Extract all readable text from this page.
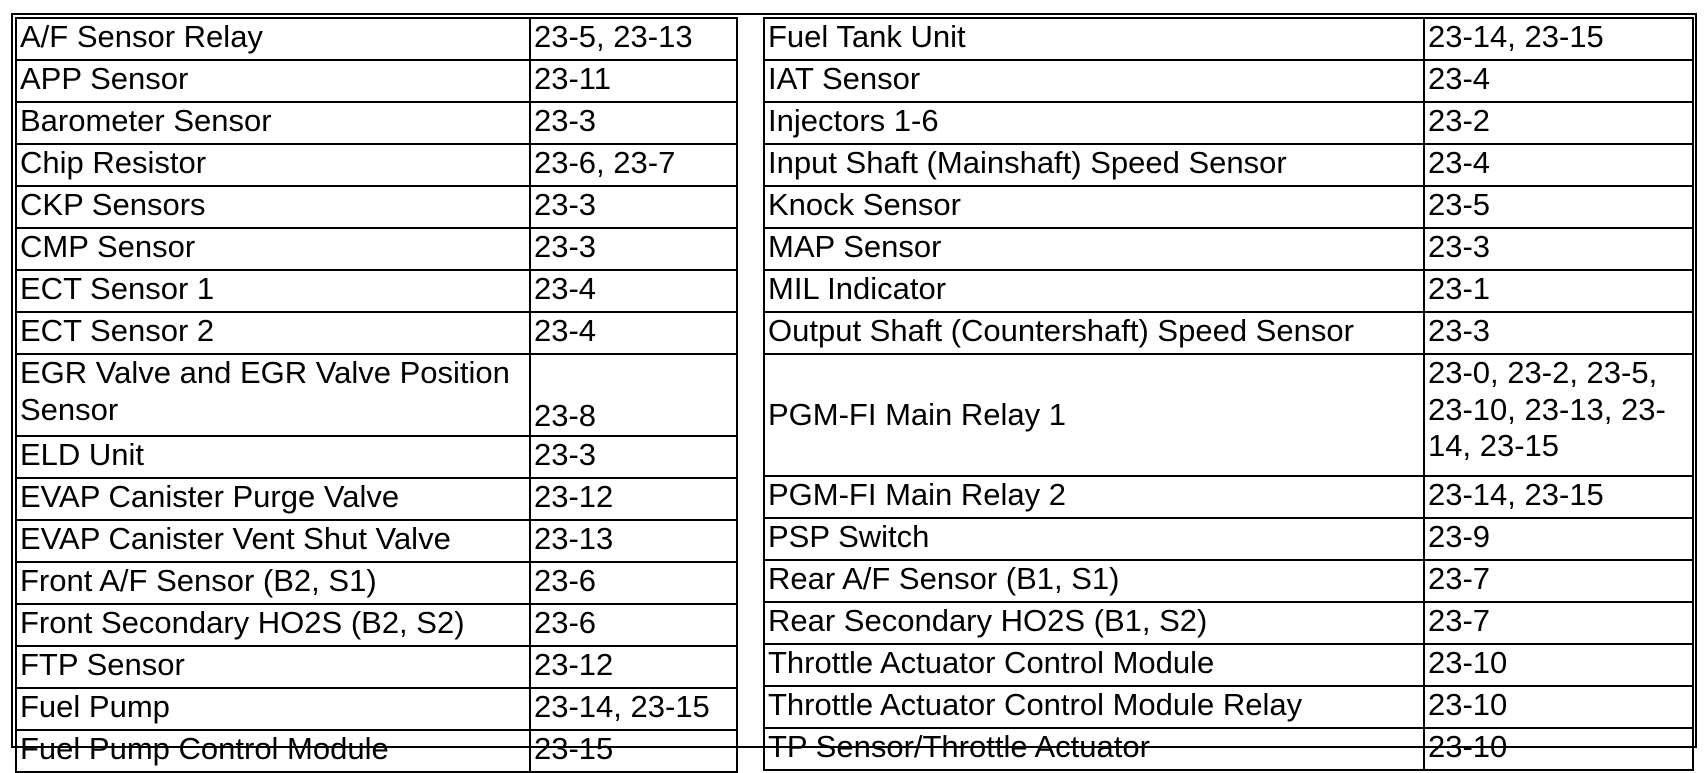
A/F Sensor Relay	23-5, 23-13
APP Sensor	23-11
Barometer Sensor	23-3
Chip Resistor	23-6, 23-7
CKP Sensors	23-3
CMP Sensor	23-3
ECT Sensor 1	23-4
ECT Sensor 2	23-4
EGR Valve and EGR Valve Position Sensor	23-8
ELD Unit	23-3
EVAP Canister Purge Valve	23-12
EVAP Canister Vent Shut Valve	23-13
Front A/F Sensor (B2, S1)	23-6
Front Secondary HO2S (B2, S2)	23-6
FTP Sensor	23-12
Fuel Pump	23-14, 23-15
Fuel Pump Control Module	23-15
Fuel Tank Unit	23-14, 23-15
IAT Sensor	23-4
Injectors 1-6	23-2
Input Shaft (Mainshaft) Speed Sensor	23-4
Knock Sensor	23-5
MAP Sensor	23-3
MIL Indicator	23-1
Output Shaft (Countershaft) Speed Sensor	23-3
PGM-FI Main Relay 1	23-0, 23-2, 23-5, 23-10, 23-13, 23-14, 23-15
PGM-FI Main Relay 2	23-14, 23-15
PSP Switch	23-9
Rear A/F Sensor (B1, S1)	23-7
Rear Secondary HO2S (B1, S2)	23-7
Throttle Actuator Control Module	23-10
Throttle Actuator Control Module Relay	23-10
TP Sensor/Throttle Actuator	23-10
